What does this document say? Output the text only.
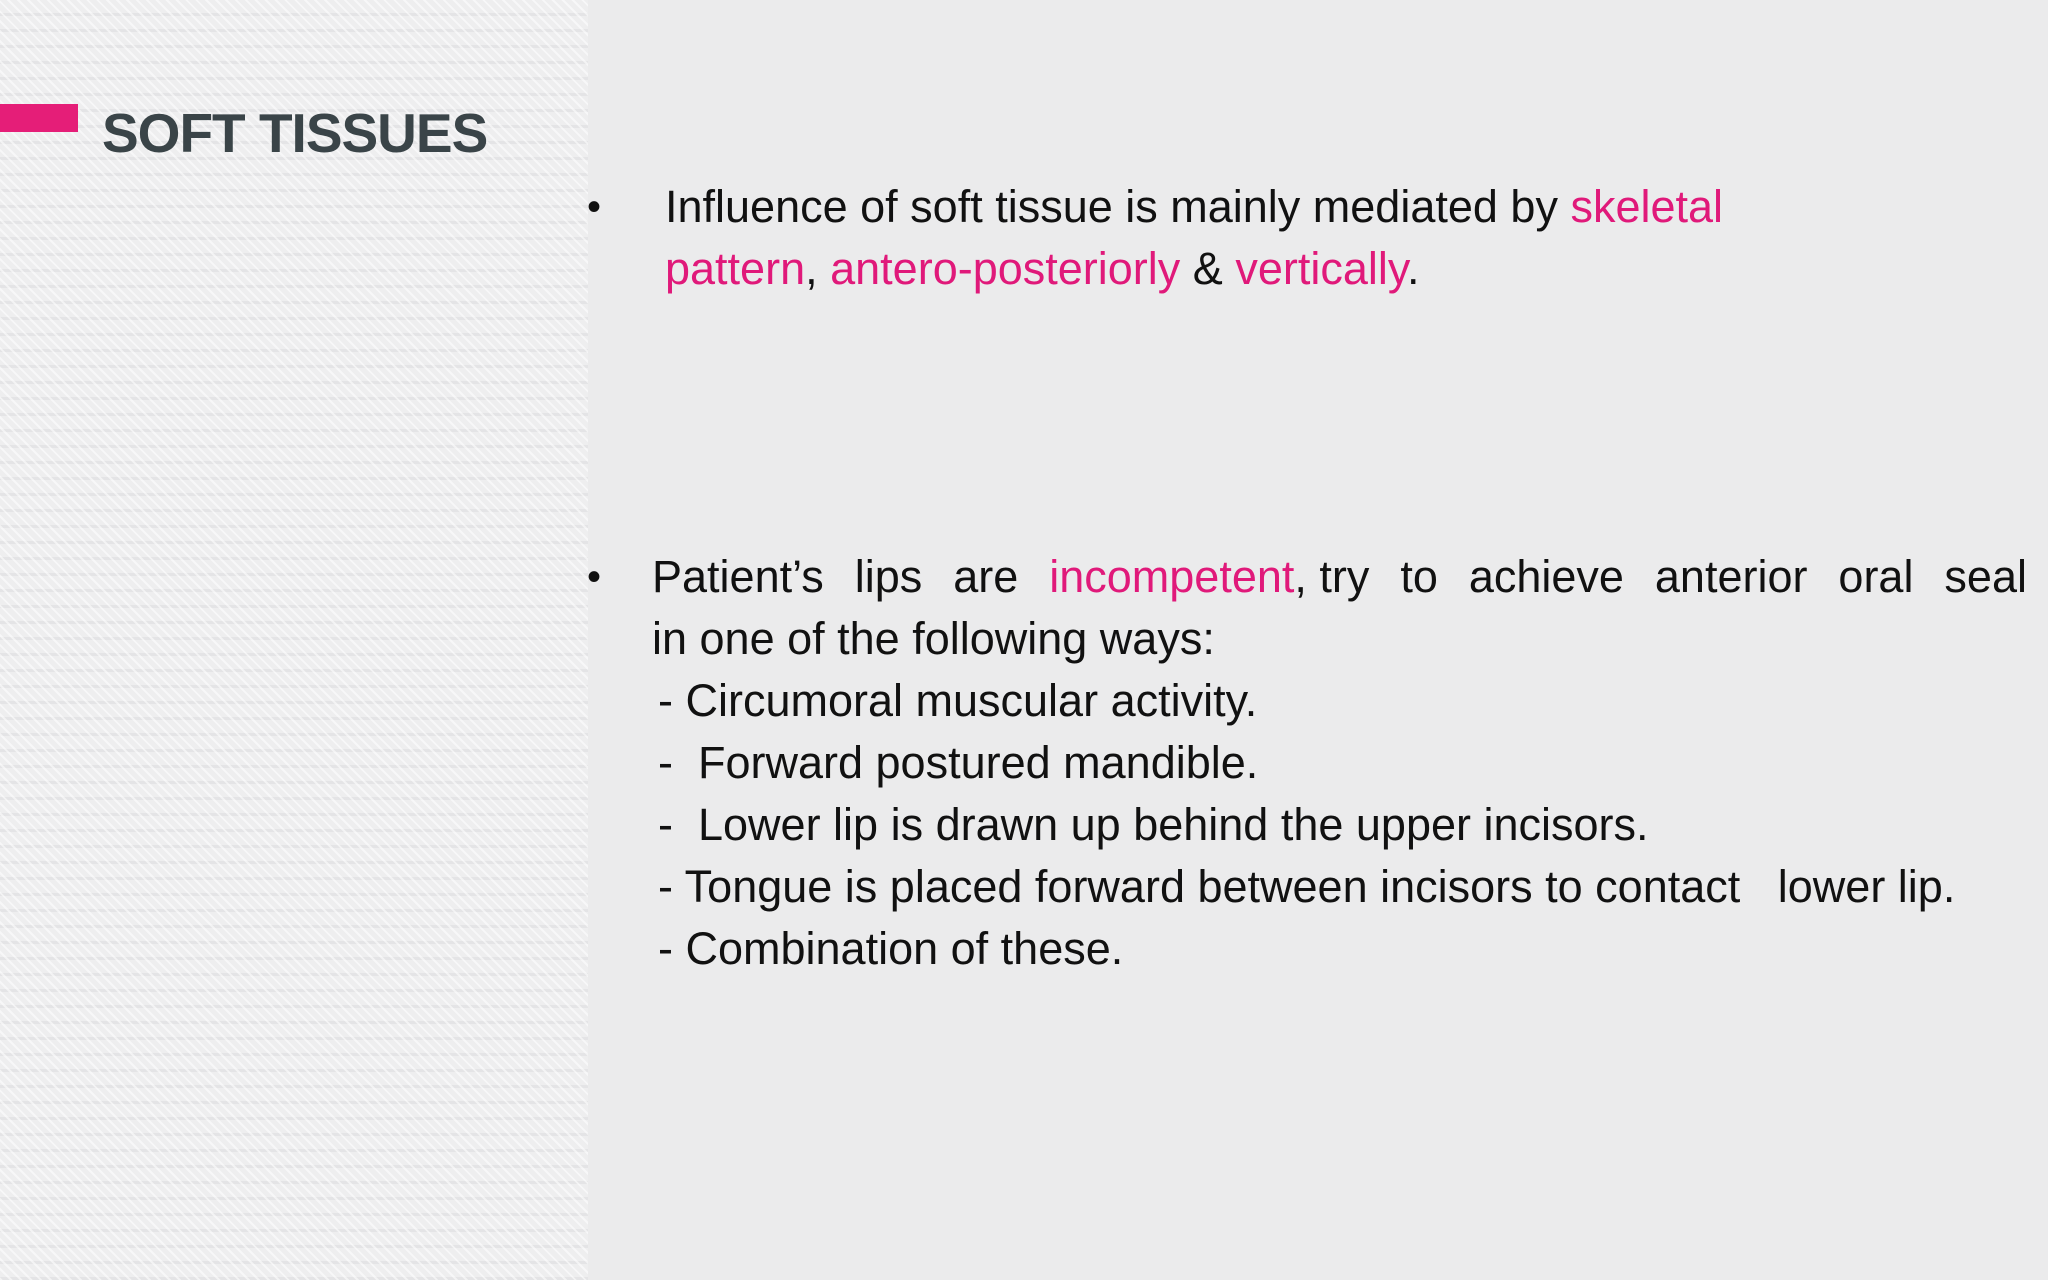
SOFT TISSUES
• Influence of soft tissue is mainly mediated by skeletal
pattern, antero-posteriorly & vertically.
• Patient’s lips are incompetent, try to achieve anterior oral seal
in one of the following ways:
- Circumoral muscular activity.
-  Forward postured mandible.
-  Lower lip is drawn up behind the upper incisors.
- Tongue is placed forward between incisors to contact   lower lip.
- Combination of these.
